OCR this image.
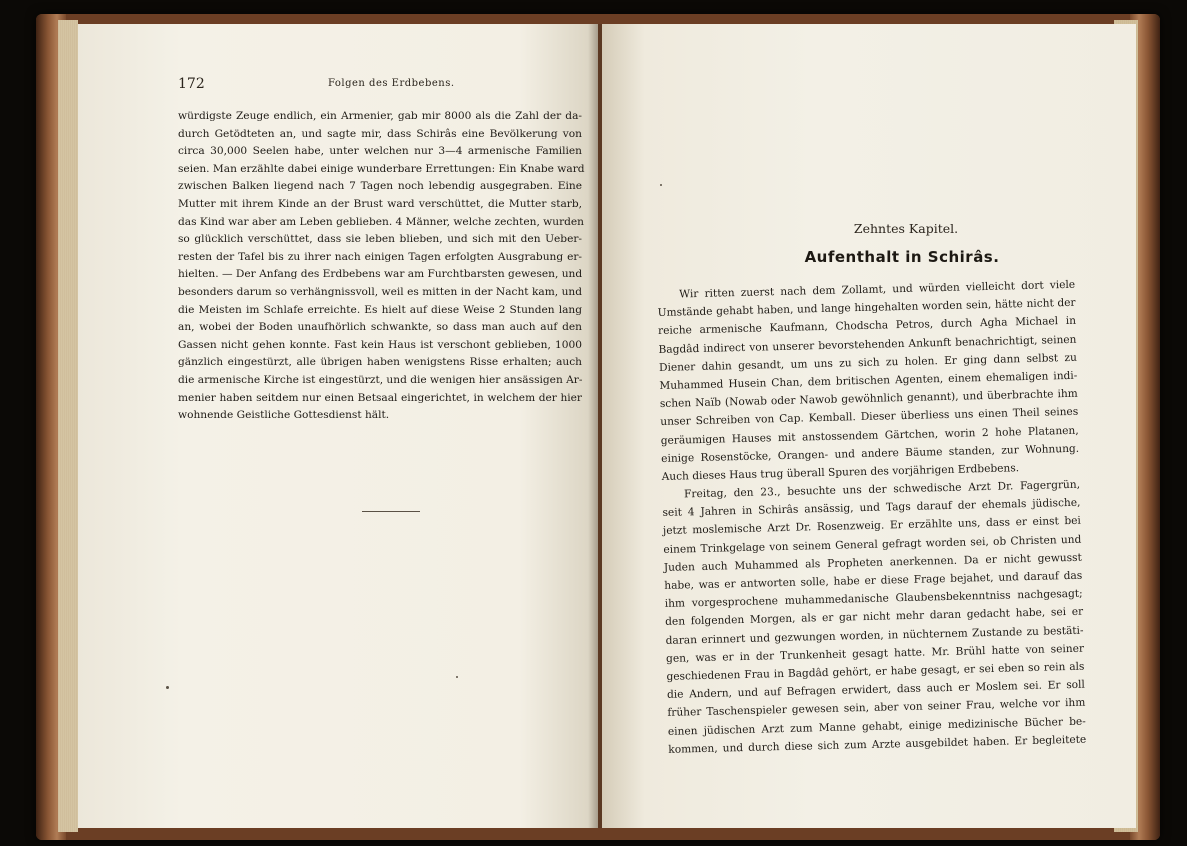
172	Folgen des Erdbebens.
würdigste Zeuge endlich, ein Armenier, gab mir 8000 als die Zahl der da-
durch Getödteten an, und sagte mir, dass Schirâs eine Bevölkerung von
circa 30,000 Seelen habe, unter welchen nur 3—4 armenische Familien
seien. Man erzählte dabei einige wunderbare Errettungen: Ein Knabe ward
zwischen Balken liegend nach 7 Tagen noch lebendig ausgegraben. Eine
Mutter mit ihrem Kinde an der Brust ward verschüttet, die Mutter starb,
das Kind war aber am Leben geblieben. 4 Männer, welche zechten, wurden
so glücklich verschüttet, dass sie leben blieben, und sich mit den Ueber-
resten der Tafel bis zu ihrer nach einigen Tagen erfolgten Ausgrabung er-
hielten. — Der Anfang des Erdbebens war am Furchtbarsten gewesen, und
besonders darum so verhängnissvoll, weil es mitten in der Nacht kam, und
die Meisten im Schlafe erreichte. Es hielt auf diese Weise 2 Stunden lang
an, wobei der Boden unaufhörlich schwankte, so dass man auch auf den
Gassen nicht gehen konnte. Fast kein Haus ist verschont geblieben, 1000
gänzlich eingestürzt, alle übrigen haben wenigstens Risse erhalten; auch
die armenische Kirche ist eingestürzt, und die wenigen hier ansässigen Ar-
menier haben seitdem nur einen Betsaal eingerichtet, in welchem der hier
wohnende Geistliche Gottesdienst hält.
Zehntes Kapitel.
Aufenthalt in Schirâs.
Wir ritten zuerst nach dem Zollamt, und würden vielleicht dort viele
Umstände gehabt haben, und lange hingehalten worden sein, hätte nicht der
reiche armenische Kaufmann, Chodscha Petros, durch Agha Michael in
Bagdâd indirect von unserer bevorstehenden Ankunft benachrichtigt, seinen
Diener dahin gesandt, um uns zu sich zu holen. Er ging dann selbst zu
Muhammed Husein Chan, dem britischen Agenten, einem ehemaligen indi-
schen Naïb (Nowab oder Nawob gewöhnlich genannt), und überbrachte ihm
unser Schreiben von Cap. Kemball. Dieser überliess uns einen Theil seines
geräumigen Hauses mit anstossendem Gärtchen, worin 2 hohe Platanen,
einige Rosenstöcke, Orangen- und andere Bäume standen, zur Wohnung.
Auch dieses Haus trug überall Spuren des vorjährigen Erdbebens.
Freitag, den 23., besuchte uns der schwedische Arzt Dr. Fagergrün,
seit 4 Jahren in Schirâs ansässig, und Tags darauf der ehemals jüdische,
jetzt moslemische Arzt Dr. Rosenzweig. Er erzählte uns, dass er einst bei
einem Trinkgelage von seinem General gefragt worden sei, ob Christen und
Juden auch Muhammed als Propheten anerkennen. Da er nicht gewusst
habe, was er antworten solle, habe er diese Frage bejahet, und darauf das
ihm vorgesprochene muhammedanische Glaubensbekenntniss nachgesagt;
den folgenden Morgen, als er gar nicht mehr daran gedacht habe, sei er
daran erinnert und gezwungen worden, in nüchternem Zustande zu bestäti-
gen, was er in der Trunkenheit gesagt hatte. Mr. Brühl hatte von seiner
geschiedenen Frau in Bagdâd gehört, er habe gesagt, er sei eben so rein als
die Andern, und auf Befragen erwidert, dass auch er Moslem sei. Er soll
früher Taschenspieler gewesen sein, aber von seiner Frau, welche vor ihm
einen jüdischen Arzt zum Manne gehabt, einige medizinische Bücher be-
kommen, und durch diese sich zum Arzte ausgebildet haben. Er begleitete
